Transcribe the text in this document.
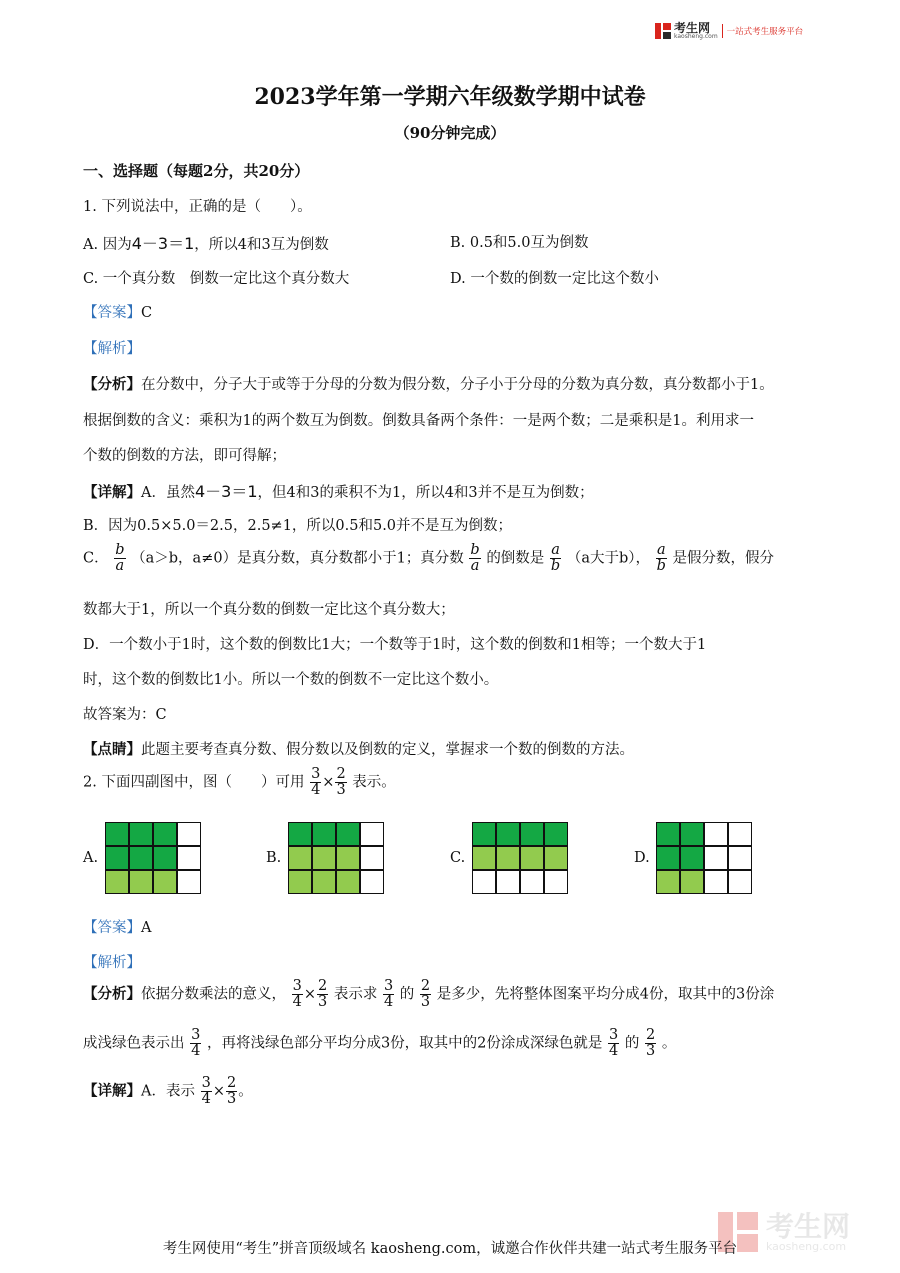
考生网
kaosheng.com 一站式考生服务平台
2023学年第一学期六年级数学期中试卷
（90分钟完成）
一、选择题（每题2分，共20分）
1. 下列说法中，正确的是（　　）。
A. 因为4－3＝1，所以4和3互为倒数	B. 0.5和5.0互为倒数
C. 一个真分数　倒数一定比这个真分数大	D. 一个数的倒数一定比这个数小
【答案】C
【解析】
【分析】在分数中，分子大于或等于分母的分数为假分数，分子小于分母的分数为真分数，真分数都小于1。
根据倒数的含义：乘积为1的两个数互为倒数。倒数具备两个条件：一是两个数；二是乘积是1。利用求一
个数的倒数的方法，即可得解；
【详解】A．虽然4－3＝1，但4和3的乘积不为1，所以4和3并不是互为倒数；
B．因为0.5×5.0＝2.5，2.5≠1，所以0.5和5.0并不是互为倒数；
C． $\frac{b}{a} (a>b$，a≠0）是真分数，真分数都小于1；真分数 $\frac{b}{a}$ 的倒数是 $\frac{a}{b} (a$大于b）， $\frac{a}{b}$ 是假分数，假分
数都大于1，所以一个真分数的倒数一定比这个真分数大；
D．一个数小于1时，这个数的倒数比1大；一个数等于1时，这个数的倒数和1相等；一个数大于1
时，这个数的倒数比1小。所以一个数的倒数不一定比这个数小。
故答案为：C
【点睛】此题主要考查真分数、假分数以及倒数的定义，掌握求一个数的倒数的方法。
2. 下面四副图中，图（　　）可用 $\frac{3}{4} \times \frac{2}{3}$ 表示。
A.	B.	C.	D.
【答案】A
【解析】
【分析】依据分数乘法的意义， $\frac{3}{4} \times \frac{2}{3}$ 表示求 $\frac{3}{4}$ 的 $\frac{2}{3}$ 是多少，先将整体图案平均分成4份，取其中的3份涂
成浅绿色表示出 $\frac{3}{4}$ ，再将浅绿色部分平均分成3份，取其中的2份涂成深绿色就是 $\frac{3}{4}$ 的 $\frac{2}{3}$ 。
【详解】A．表示 $\frac{3}{4} \times \frac{2}{3}$ 。
考生网
kaosheng.com
考生网使用“考生”拼音顶级域名 kaosheng.com，诚邀合作伙伴共建一站式考生服务平台
